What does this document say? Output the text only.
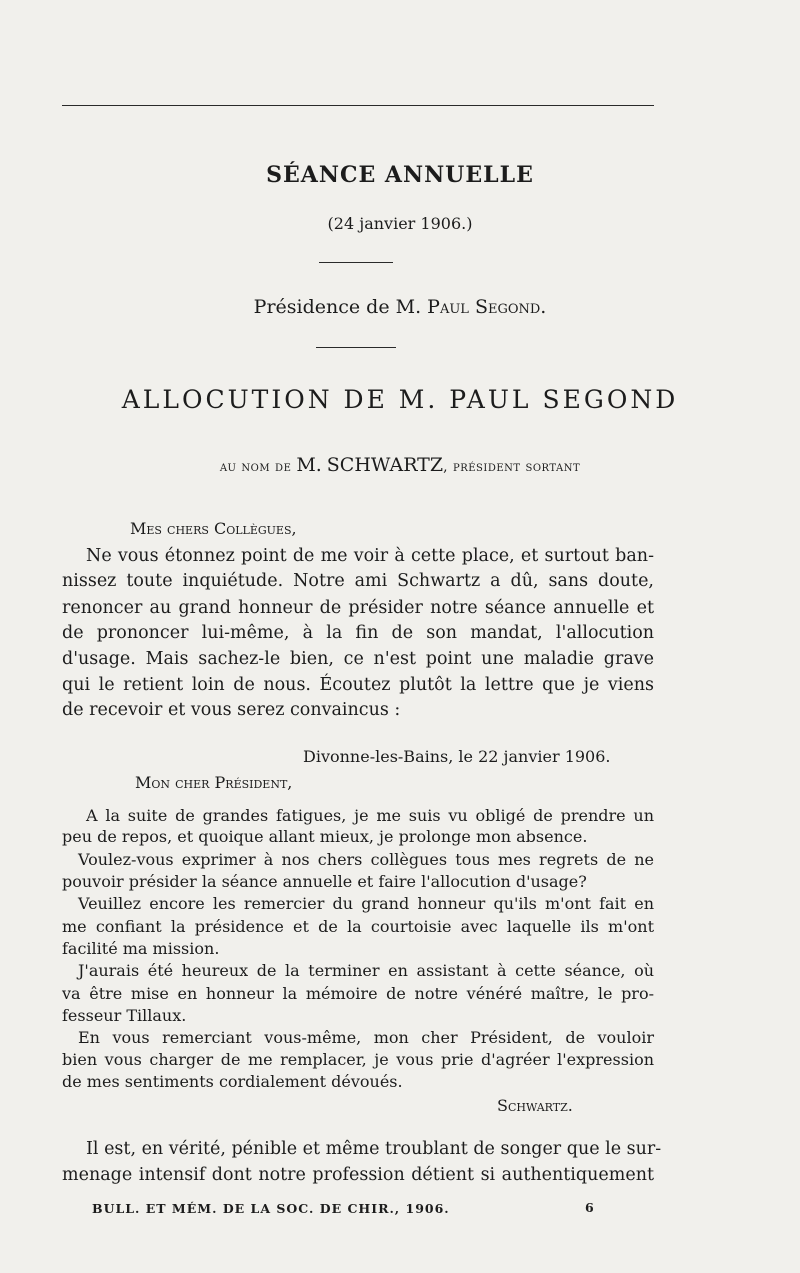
SÉANCE ANNUELLE
(24 janvier 1906.)
Présidence de M. Paul Segond.
ALLOCUTION DE M. PAUL SEGOND
au nom de M. SCHWARTZ, président sortant
Mes chers Collègues,
Ne vous étonnez point de me voir à cette place, et surtout ban-
nissez toute inquiétude. Notre ami Schwartz a dû, sans doute,
renoncer au grand honneur de présider notre séance annuelle et
de prononcer lui-même, à la fin de son mandat, l'allocution
d'usage. Mais sachez-le bien, ce n'est point une maladie grave
qui le retient loin de nous. Écoutez plutôt la lettre que je viens
de recevoir et vous serez convaincus :
Divonne-les-Bains, le 22 janvier 1906.
Mon cher Président,
A la suite de grandes fatigues, je me suis vu obligé de prendre un
peu de repos, et quoique allant mieux, je prolonge mon absence.
Voulez-vous exprimer à nos chers collègues tous mes regrets de ne
pouvoir présider la séance annuelle et faire l'allocution d'usage?
Veuillez encore les remercier du grand honneur qu'ils m'ont fait en
me confiant la présidence et de la courtoisie avec laquelle ils m'ont
facilité ma mission.
J'aurais été heureux de la terminer en assistant à cette séance, où
va être mise en honneur la mémoire de notre vénéré maître, le pro-
fesseur Tillaux.
En vous remerciant vous-même, mon cher Président, de vouloir
bien vous charger de me remplacer, je vous prie d'agréer l'expression
de mes sentiments cordialement dévoués.
Schwartz.
Il est, en vérité, pénible et même troublant de songer que le sur-
menage intensif dont notre profession détient si authentiquement
BULL. ET MÉM. DE LA SOC. DE CHIR., 1906.	6
